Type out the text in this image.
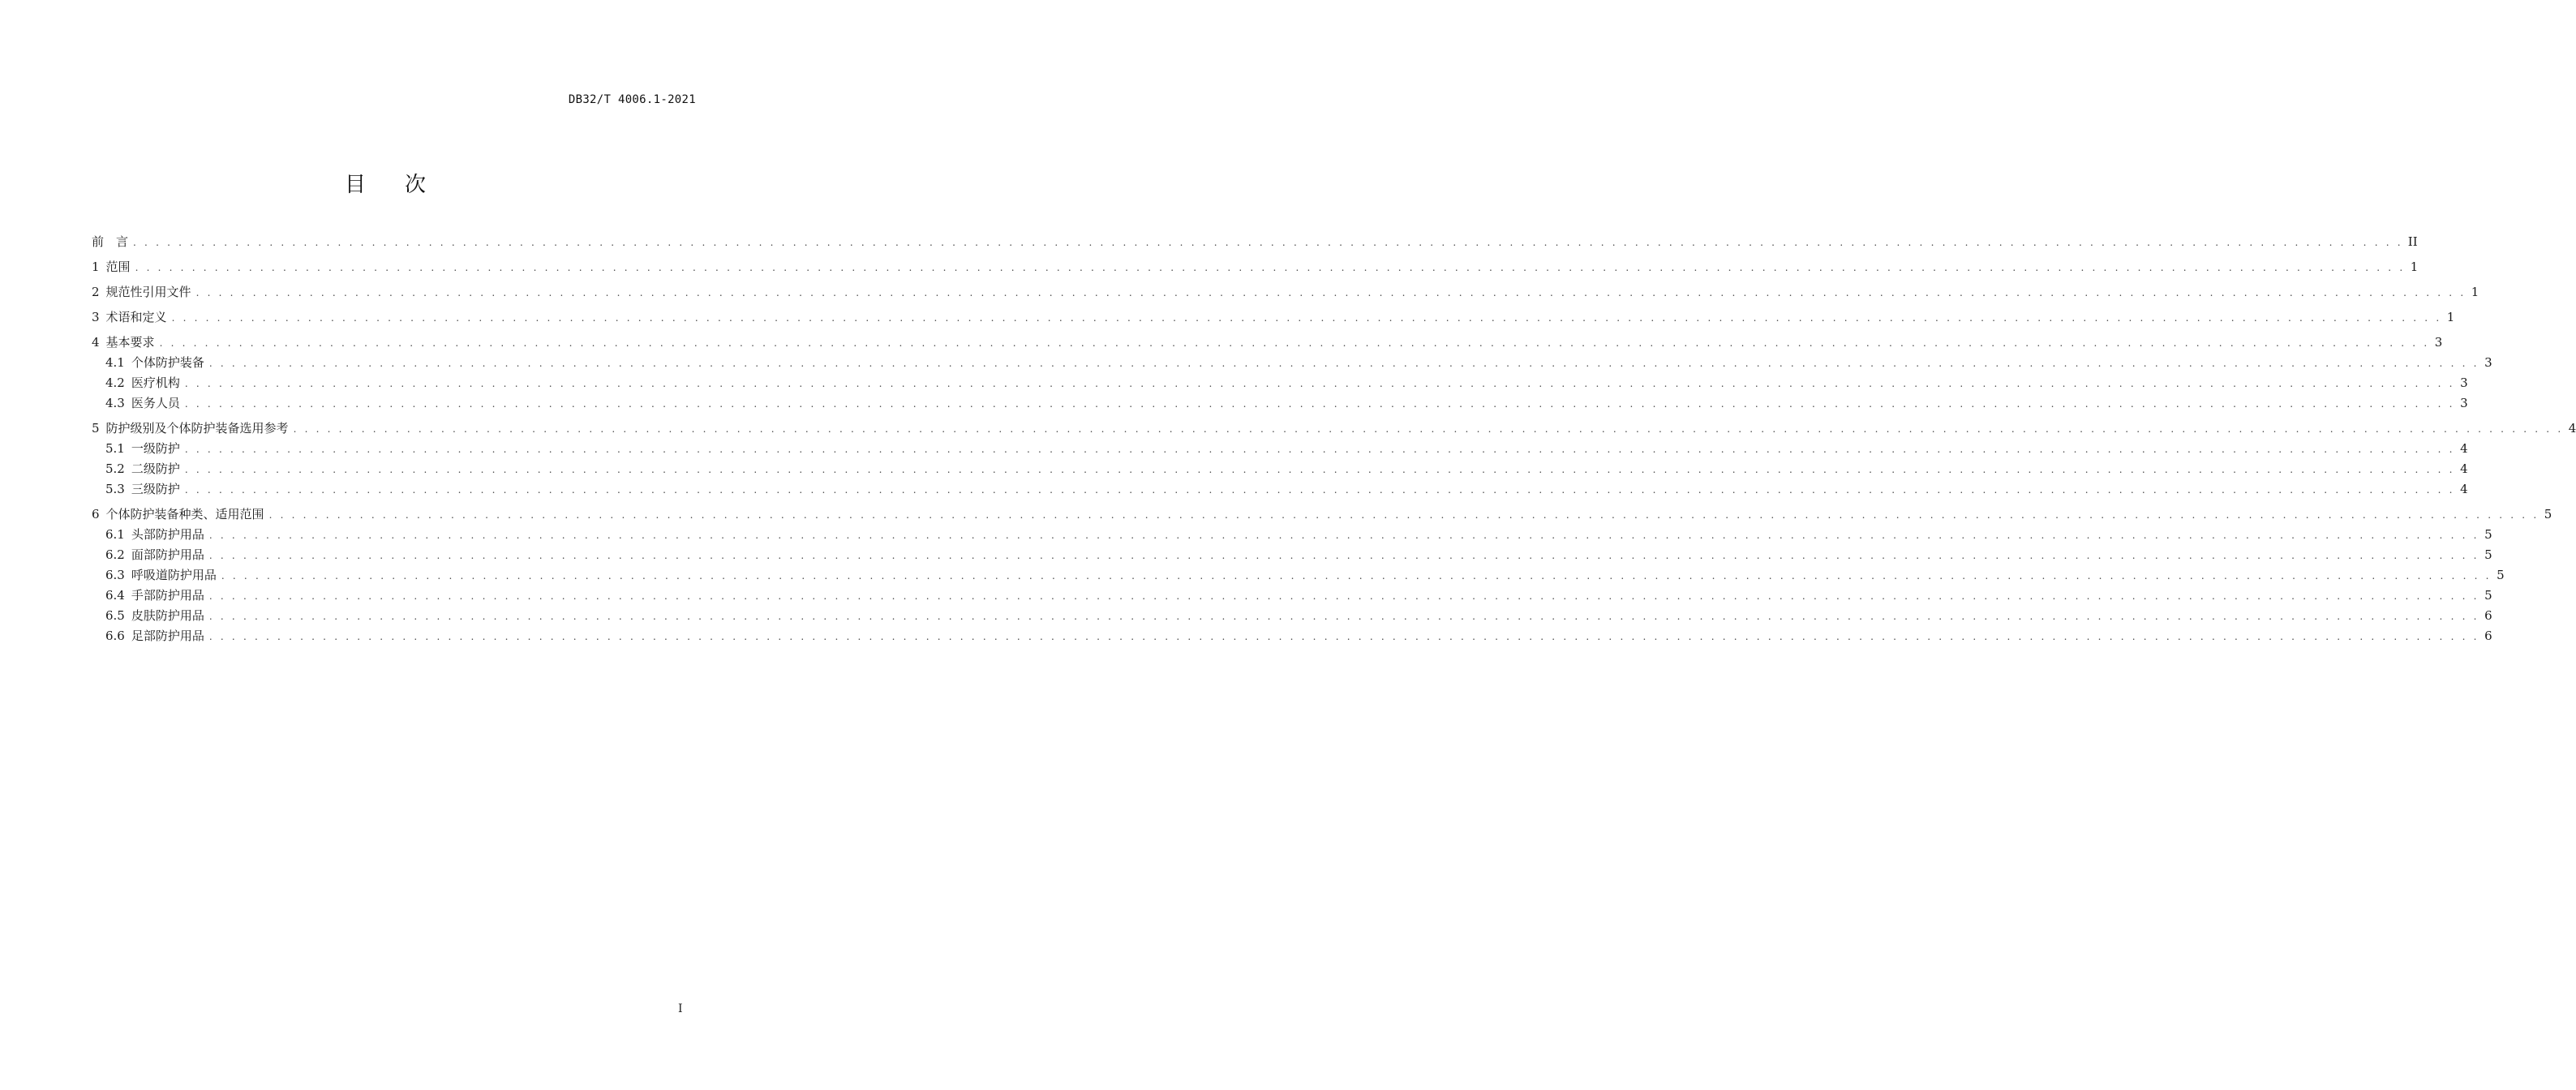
DB32/T 4006.1-2021
目 次
前　言 . . . . . . . . . . . . . . . . . . . . . . . . . . . . . . . . . . . . . . . . . . . . . . . . . . . . . . . . . . . . . . . . . . . . . . . . . . . . . . . . . . . . . . . . . . . . . . . . . . . . . . . . . . . . . . . . . . . . . . . . . . . . . . . . . . . . . . . . . . . . . . . . . . . . . . . . . . . . . . . . . . . . . . . . . . . . . . . . . . . . . . . . . . . . . . . . . . . . . . . . II
1 范围 . . . . . . . . . . . . . . . . . . . . . . . . . . . . . . . . . . . . . . . . . . . . . . . . . . . . . . . . . . . . . . . . . . . . . . . . . . . . . . . . . . . . . . . . . . . . . . . . . . . . . . . . . . . . . . . . . . . . . . . . . . . . . . . . . . . . . . . . . . . . . . . . . . . . . . . . . . . . . . . . . . . . . . . . . . . . . . . . . . . . . . . . . . . . . . . . . . . . . . . . 1
2 规范性引用文件 . . . . . . . . . . . . . . . . . . . . . . . . . . . . . . . . . . . . . . . . . . . . . . . . . . . . . . . . . . . . . . . . . . . . . . . . . . . . . . . . . . . . . . . . . . . . . . . . . . . . . . . . . . . . . . . . . . . . . . . . . . . . . . . . . . . . . . . . . . . . . . . . . . . . . . . . . . . . . . . . . . . . . . . . . . . . . . . . . . . . . . . . . . . . . . . . . . . . . . . . 1
3 术语和定义 . . . . . . . . . . . . . . . . . . . . . . . . . . . . . . . . . . . . . . . . . . . . . . . . . . . . . . . . . . . . . . . . . . . . . . . . . . . . . . . . . . . . . . . . . . . . . . . . . . . . . . . . . . . . . . . . . . . . . . . . . . . . . . . . . . . . . . . . . . . . . . . . . . . . . . . . . . . . . . . . . . . . . . . . . . . . . . . . . . . . . . . . . . . . . . . . . . . . . . . . 1
4 基本要求 . . . . . . . . . . . . . . . . . . . . . . . . . . . . . . . . . . . . . . . . . . . . . . . . . . . . . . . . . . . . . . . . . . . . . . . . . . . . . . . . . . . . . . . . . . . . . . . . . . . . . . . . . . . . . . . . . . . . . . . . . . . . . . . . . . . . . . . . . . . . . . . . . . . . . . . . . . . . . . . . . . . . . . . . . . . . . . . . . . . . . . . . . . . . . . . . . . . . . . . . 3
4.1 个体防护装备 . . . . . . . . . . . . . . . . . . . . . . . . . . . . . . . . . . . . . . . . . . . . . . . . . . . . . . . . . . . . . . . . . . . . . . . . . . . . . . . . . . . . . . . . . . . . . . . . . . . . . . . . . . . . . . . . . . . . . . . . . . . . . . . . . . . . . . . . . . . . . . . . . . . . . . . . . . . . . . . . . . . . . . . . . . . . . . . . . . . . . . . . . . . . . . . . . . . . . . . . 3
4.2 医疗机构 . . . . . . . . . . . . . . . . . . . . . . . . . . . . . . . . . . . . . . . . . . . . . . . . . . . . . . . . . . . . . . . . . . . . . . . . . . . . . . . . . . . . . . . . . . . . . . . . . . . . . . . . . . . . . . . . . . . . . . . . . . . . . . . . . . . . . . . . . . . . . . . . . . . . . . . . . . . . . . . . . . . . . . . . . . . . . . . . . . . . . . . . . . . . . . . . . . . . . . . . 3
4.3 医务人员 . . . . . . . . . . . . . . . . . . . . . . . . . . . . . . . . . . . . . . . . . . . . . . . . . . . . . . . . . . . . . . . . . . . . . . . . . . . . . . . . . . . . . . . . . . . . . . . . . . . . . . . . . . . . . . . . . . . . . . . . . . . . . . . . . . . . . . . . . . . . . . . . . . . . . . . . . . . . . . . . . . . . . . . . . . . . . . . . . . . . . . . . . . . . . . . . . . . . . . . . 3
5 防护级别及个体防护装备选用参考 . . . . . . . . . . . . . . . . . . . . . . . . . . . . . . . . . . . . . . . . . . . . . . . . . . . . . . . . . . . . . . . . . . . . . . . . . . . . . . . . . . . . . . . . . . . . . . . . . . . . . . . . . . . . . . . . . . . . . . . . . . . . . . . . . . . . . . . . . . . . . . . . . . . . . . . . . . . . . . . . . . . . . . . . . . . . . . . . . . . . . . . . . . . . . . . . . . . . . . . . 4
5.1 一级防护 . . . . . . . . . . . . . . . . . . . . . . . . . . . . . . . . . . . . . . . . . . . . . . . . . . . . . . . . . . . . . . . . . . . . . . . . . . . . . . . . . . . . . . . . . . . . . . . . . . . . . . . . . . . . . . . . . . . . . . . . . . . . . . . . . . . . . . . . . . . . . . . . . . . . . . . . . . . . . . . . . . . . . . . . . . . . . . . . . . . . . . . . . . . . . . . . . . . . . . . . 4
5.2 二级防护 . . . . . . . . . . . . . . . . . . . . . . . . . . . . . . . . . . . . . . . . . . . . . . . . . . . . . . . . . . . . . . . . . . . . . . . . . . . . . . . . . . . . . . . . . . . . . . . . . . . . . . . . . . . . . . . . . . . . . . . . . . . . . . . . . . . . . . . . . . . . . . . . . . . . . . . . . . . . . . . . . . . . . . . . . . . . . . . . . . . . . . . . . . . . . . . . . . . . . . . . 4
5.3 三级防护 . . . . . . . . . . . . . . . . . . . . . . . . . . . . . . . . . . . . . . . . . . . . . . . . . . . . . . . . . . . . . . . . . . . . . . . . . . . . . . . . . . . . . . . . . . . . . . . . . . . . . . . . . . . . . . . . . . . . . . . . . . . . . . . . . . . . . . . . . . . . . . . . . . . . . . . . . . . . . . . . . . . . . . . . . . . . . . . . . . . . . . . . . . . . . . . . . . . . . . . . 4
6 个体防护装备种类、适用范围 . . . . . . . . . . . . . . . . . . . . . . . . . . . . . . . . . . . . . . . . . . . . . . . . . . . . . . . . . . . . . . . . . . . . . . . . . . . . . . . . . . . . . . . . . . . . . . . . . . . . . . . . . . . . . . . . . . . . . . . . . . . . . . . . . . . . . . . . . . . . . . . . . . . . . . . . . . . . . . . . . . . . . . . . . . . . . . . . . . . . . . . . . . . . . . . . . . . . . . . . 5
6.1 头部防护用品 . . . . . . . . . . . . . . . . . . . . . . . . . . . . . . . . . . . . . . . . . . . . . . . . . . . . . . . . . . . . . . . . . . . . . . . . . . . . . . . . . . . . . . . . . . . . . . . . . . . . . . . . . . . . . . . . . . . . . . . . . . . . . . . . . . . . . . . . . . . . . . . . . . . . . . . . . . . . . . . . . . . . . . . . . . . . . . . . . . . . . . . . . . . . . . . . . . . . . . . . 5
6.2 面部防护用品 . . . . . . . . . . . . . . . . . . . . . . . . . . . . . . . . . . . . . . . . . . . . . . . . . . . . . . . . . . . . . . . . . . . . . . . . . . . . . . . . . . . . . . . . . . . . . . . . . . . . . . . . . . . . . . . . . . . . . . . . . . . . . . . . . . . . . . . . . . . . . . . . . . . . . . . . . . . . . . . . . . . . . . . . . . . . . . . . . . . . . . . . . . . . . . . . . . . . . . . . 5
6.3 呼吸道防护用品 . . . . . . . . . . . . . . . . . . . . . . . . . . . . . . . . . . . . . . . . . . . . . . . . . . . . . . . . . . . . . . . . . . . . . . . . . . . . . . . . . . . . . . . . . . . . . . . . . . . . . . . . . . . . . . . . . . . . . . . . . . . . . . . . . . . . . . . . . . . . . . . . . . . . . . . . . . . . . . . . . . . . . . . . . . . . . . . . . . . . . . . . . . . . . . . . . . . . . . . . 5
6.4 手部防护用品 . . . . . . . . . . . . . . . . . . . . . . . . . . . . . . . . . . . . . . . . . . . . . . . . . . . . . . . . . . . . . . . . . . . . . . . . . . . . . . . . . . . . . . . . . . . . . . . . . . . . . . . . . . . . . . . . . . . . . . . . . . . . . . . . . . . . . . . . . . . . . . . . . . . . . . . . . . . . . . . . . . . . . . . . . . . . . . . . . . . . . . . . . . . . . . . . . . . . . . . . 5
6.5 皮肤防护用品 . . . . . . . . . . . . . . . . . . . . . . . . . . . . . . . . . . . . . . . . . . . . . . . . . . . . . . . . . . . . . . . . . . . . . . . . . . . . . . . . . . . . . . . . . . . . . . . . . . . . . . . . . . . . . . . . . . . . . . . . . . . . . . . . . . . . . . . . . . . . . . . . . . . . . . . . . . . . . . . . . . . . . . . . . . . . . . . . . . . . . . . . . . . . . . . . . . . . . . . . 6
6.6 足部防护用品 . . . . . . . . . . . . . . . . . . . . . . . . . . . . . . . . . . . . . . . . . . . . . . . . . . . . . . . . . . . . . . . . . . . . . . . . . . . . . . . . . . . . . . . . . . . . . . . . . . . . . . . . . . . . . . . . . . . . . . . . . . . . . . . . . . . . . . . . . . . . . . . . . . . . . . . . . . . . . . . . . . . . . . . . . . . . . . . . . . . . . . . . . . . . . . . . . . . . . . . . 6
I
